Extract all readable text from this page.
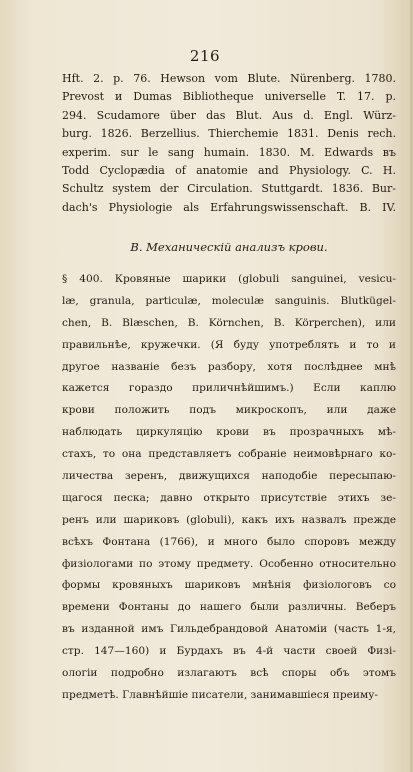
216
Hft. 2. p. 76. Hewson vom Blute. Nürenberg. 1780.
Prevost и Dumas Bibliotheque universelle T. 17. p.
294. Scudamore über das Blut. Aus d. Engl. Würz-
burg. 1826. Berzellius. Thierchemie 1831. Denis rech.
experim. sur le sang humain. 1830. M. Edwards въ
Todd Cyclopædia of anatomie and Physiology. C. H.
Schultz system der Circulation. Stuttgardt. 1836. Bur-
dach's Physiologie als Erfahrungswissenschaft. B. IV.
В. Механическій анализъ крови.
§ 400. Кровяные шарики (globuli sanguinei, vesicu-
læ, granula, particulæ, moleculæ sanguinis. Blutkügel-
chen, B. Blæschen, B. Körnchen, B. Körperchen), или
правильнѣе, кружечки. (Я буду употреблять и то и
другое названіе безъ разбору, хотя послѣднее мнѣ
кажется гораздо приличнѣйшимъ.) Если каплю
крови положить подъ микроскопъ, или даже
наблюдать циркуляцію крови въ прозрачныхъ мѣ-
стахъ, то она представляетъ собраніе неимовѣрнаго ко-
личества зеренъ, движущихся наподобіе пересыпаю-
щагося песка; давно открыто присутствіе этихъ зе-
ренъ или шариковъ (globuli), какъ ихъ назвалъ прежде
всѣхъ Фонтана (1766), и много было споровъ между
физіологами по этому предмету. Особенно относительно
формы кровяныхъ шариковъ мнѣнія физіологовъ со
времени Фонтаны до нашего были различны. Веберъ
въ изданной имъ Гильдебрандовой Анатоміи (часть 1-я,
стр. 147—160) и Бурдахъ въ 4-й части своей Физі-
ологіи подробно излагаютъ всѣ споры объ этомъ
предметѣ. Главнѣйшіе писатели, занимавшіеся преиму-
